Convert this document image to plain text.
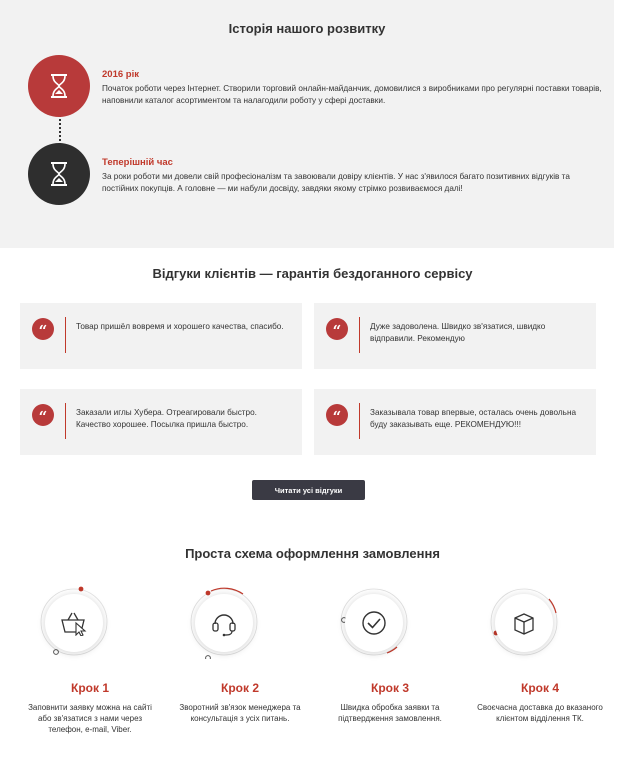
Історія нашого розвитку
2016 рік
Початок роботи через Інтернет. Створили торговий онлайн-майданчик, домовилися з виробниками про регулярні поставки товарів, наповнили каталог асортиментом та налагодили роботу у сфері доставки.
Теперішній час
За роки роботи ми довели свій професіоналізм та завоювали довіру клієнтів. У нас з'явилося багато позитивних відгуків та постійних покупців. А головне — ми набули досвіду, завдяки якому стрімко розвиваємося далі!
Відгуки клієнтів — гарантія бездоганного сервісу
“	Товар пришёл вовремя и хорошего качества, спасибо.	“	Дуже задоволена. Швидко зв'язатися, швидко відправили. Рекомендую
“	Заказали иглы Хубера. Отреагировали быстро. Качество хорошее. Посылка пришла быстро.	“	Заказывала товар впервые, осталась очень довольна буду заказывать еще. РЕКОМЕНДУЮ!!!
Читати усі відгуки
Проста схема оформлення замовлення
Крок 1
Заповнити заявку можна на сайті або зв'язатися з нами через телефон, e-mail, Viber.
Крок 2
Зворотний зв'язок менеджера та консультація з усіх питань.
Крок 3
Швидка обробка заявки та підтвердження замовлення.
Крок 4
Своєчасна доставка до вказаного клієнтом відділення ТК.
